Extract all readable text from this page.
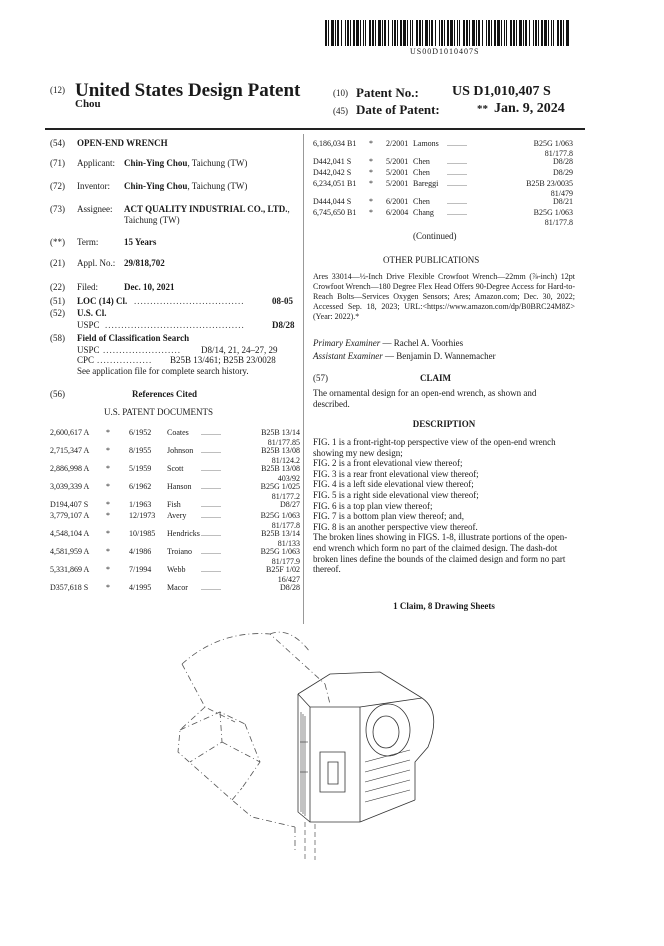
US00D1010407S
(12) United States Design Patent
Chou
(10) Patent No.: US D1,010,407 S
(45) Date of Patent:	** Jan. 9, 2024
(54) OPEN-END WRENCH
(71) Applicant: Chin-Ying Chou, Taichung (TW)
(72) Inventor: Chin-Ying Chou, Taichung (TW)
(73) Assignee: ACT QUALITY INDUSTRIAL CO., LTD., Taichung (TW)
(**) Term:	15 Years
(21) Appl. No.: 29/818,702
(22) Filed:	Dec. 10, 2021
(51) LOC (14) Cl. ..................................	08-05
(52) U.S. Cl.
USPC ...........................................	D8/28
(58) Field of Classification Search
USPC ........................ D8/14, 21, 24–27, 29
CPC ................. B25B 13/461; B25B 23/0028
See application file for complete search history.
(56)	References Cited
U.S. PATENT DOCUMENTS
2,600,617 A * 6/1952 Coates ..........	B25B 13/14
81/177.85
2,715,347 A * 8/1955 Johnson ..........	B25B 13/08
81/124.2
2,886,998 A * 5/1959 Scott ..........	B25B 13/08
403/92
3,039,339 A * 6/1962 Hanson ..........	B25G 1/025
81/177.2
D194,407 S * 1/1963 Fish	..........	D8/27
3,779,107 A * 12/1973 Avery ..........	B25G 1/063
81/177.8
4,548,104 A * 10/1985 Hendricks ..........	B25B 13/14
81/133
4,581,959 A * 4/1986 Troiano ..........	B25G 1/063
81/177.9
5,331,869 A * 7/1994 Webb ..........	B25F 1/02
16/427
D357,618 S * 4/1995 Macor ..........	D8/28
6,186,034 B1 * 2/2001 Lamons ..........	B25G 1/063
81/177.8
D442,041 S * 5/2001 Chen ..........	D8/28
D442,042 S * 5/2001 Chen ..........	D8/29
6,234,051 B1 * 5/2001 Bareggi ..........	B25B 23/0035
81/479
D444,044 S * 6/2001 Chen ..........	D8/21
6,745,650 B1 * 6/2004 Chang ..........	B25G 1/063
81/177.8
(Continued)
OTHER PUBLICATIONS
Ares 33014—½-Inch Drive Flexible Crowfoot Wrench—22mm (⅞-inch) 12pt Crowfoot Wrench—180 Degree Flex Head Offers 90-Degree Access for Hard-to-Reach Bolts—Services Oxygen Sensors; Ares; Amazon.com; Dec. 30, 2022; Accessed Sep. 18, 2023; URL:<https://www.amazon.com/dp/B0BRC24M8Z> (Year: 2022).*
Primary Examiner — Rachel A. Voorhies
Assistant Examiner — Benjamin D. Wannemacher
(57)	CLAIM
The ornamental design for an open-end wrench, as shown and described.
DESCRIPTION
FIG. 1 is a front-right-top perspective view of the open-end wrench showing my new design;
FIG. 2 is a front elevational view thereof;
FIG. 3 is a rear front elevational view thereof;
FIG. 4 is a left side elevational view thereof;
FIG. 5 is a right side elevational view thereof;
FIG. 6 is a top plan view thereof;
FIG. 7 is a bottom plan view thereof; and,
FIG. 8 is an another perspective view thereof.
The broken lines showing in FIGS. 1-8, illustrate portions of the open-end wrench which form no part of the claimed design. The dash-dot broken lines define the bounds of the claimed design and form no part thereof.
1 Claim, 8 Drawing Sheets
